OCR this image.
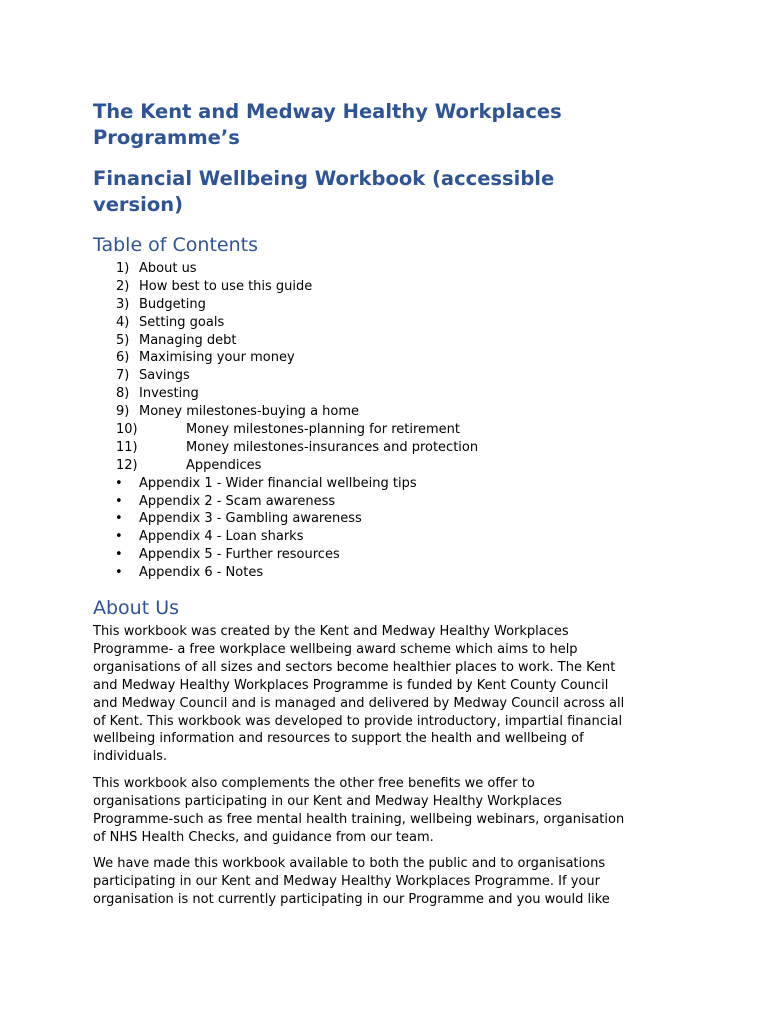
The Kent and Medway Healthy Workplaces
Programme’s
Financial Wellbeing Workbook (accessible
version)
Table of Contents
1) About us
2) How best to use this guide
3) Budgeting
4) Setting goals
5) Managing debt
6) Maximising your money
7) Savings
8) Investing
9) Money milestones-buying a home
10)	Money milestones-planning for retirement
11)	Money milestones-insurances and protection
12)	Appendices
• Appendix 1 - Wider financial wellbeing tips
• Appendix 2 - Scam awareness
• Appendix 3 - Gambling awareness
• Appendix 4 - Loan sharks
• Appendix 5 - Further resources
• Appendix 6 - Notes
About Us

This workbook was created by the Kent and Medway Healthy Workplaces
Programme- a free workplace wellbeing award scheme which aims to help
organisations of all sizes and sectors become healthier places to work. The Kent
and Medway Healthy Workplaces Programme is funded by Kent County Council
and Medway Council and is managed and delivered by Medway Council across all
of Kent. This workbook was developed to provide introductory, impartial financial
wellbeing information and resources to support the health and wellbeing of
individuals.

This workbook also complements the other free benefits we offer to
organisations participating in our Kent and Medway Healthy Workplaces
Programme-such as free mental health training, wellbeing webinars, organisation
of NHS Health Checks, and guidance from our team.

We have made this workbook available to both the public and to organisations
participating in our Kent and Medway Healthy Workplaces Programme. If your
organisation is not currently participating in our Programme and you would like
